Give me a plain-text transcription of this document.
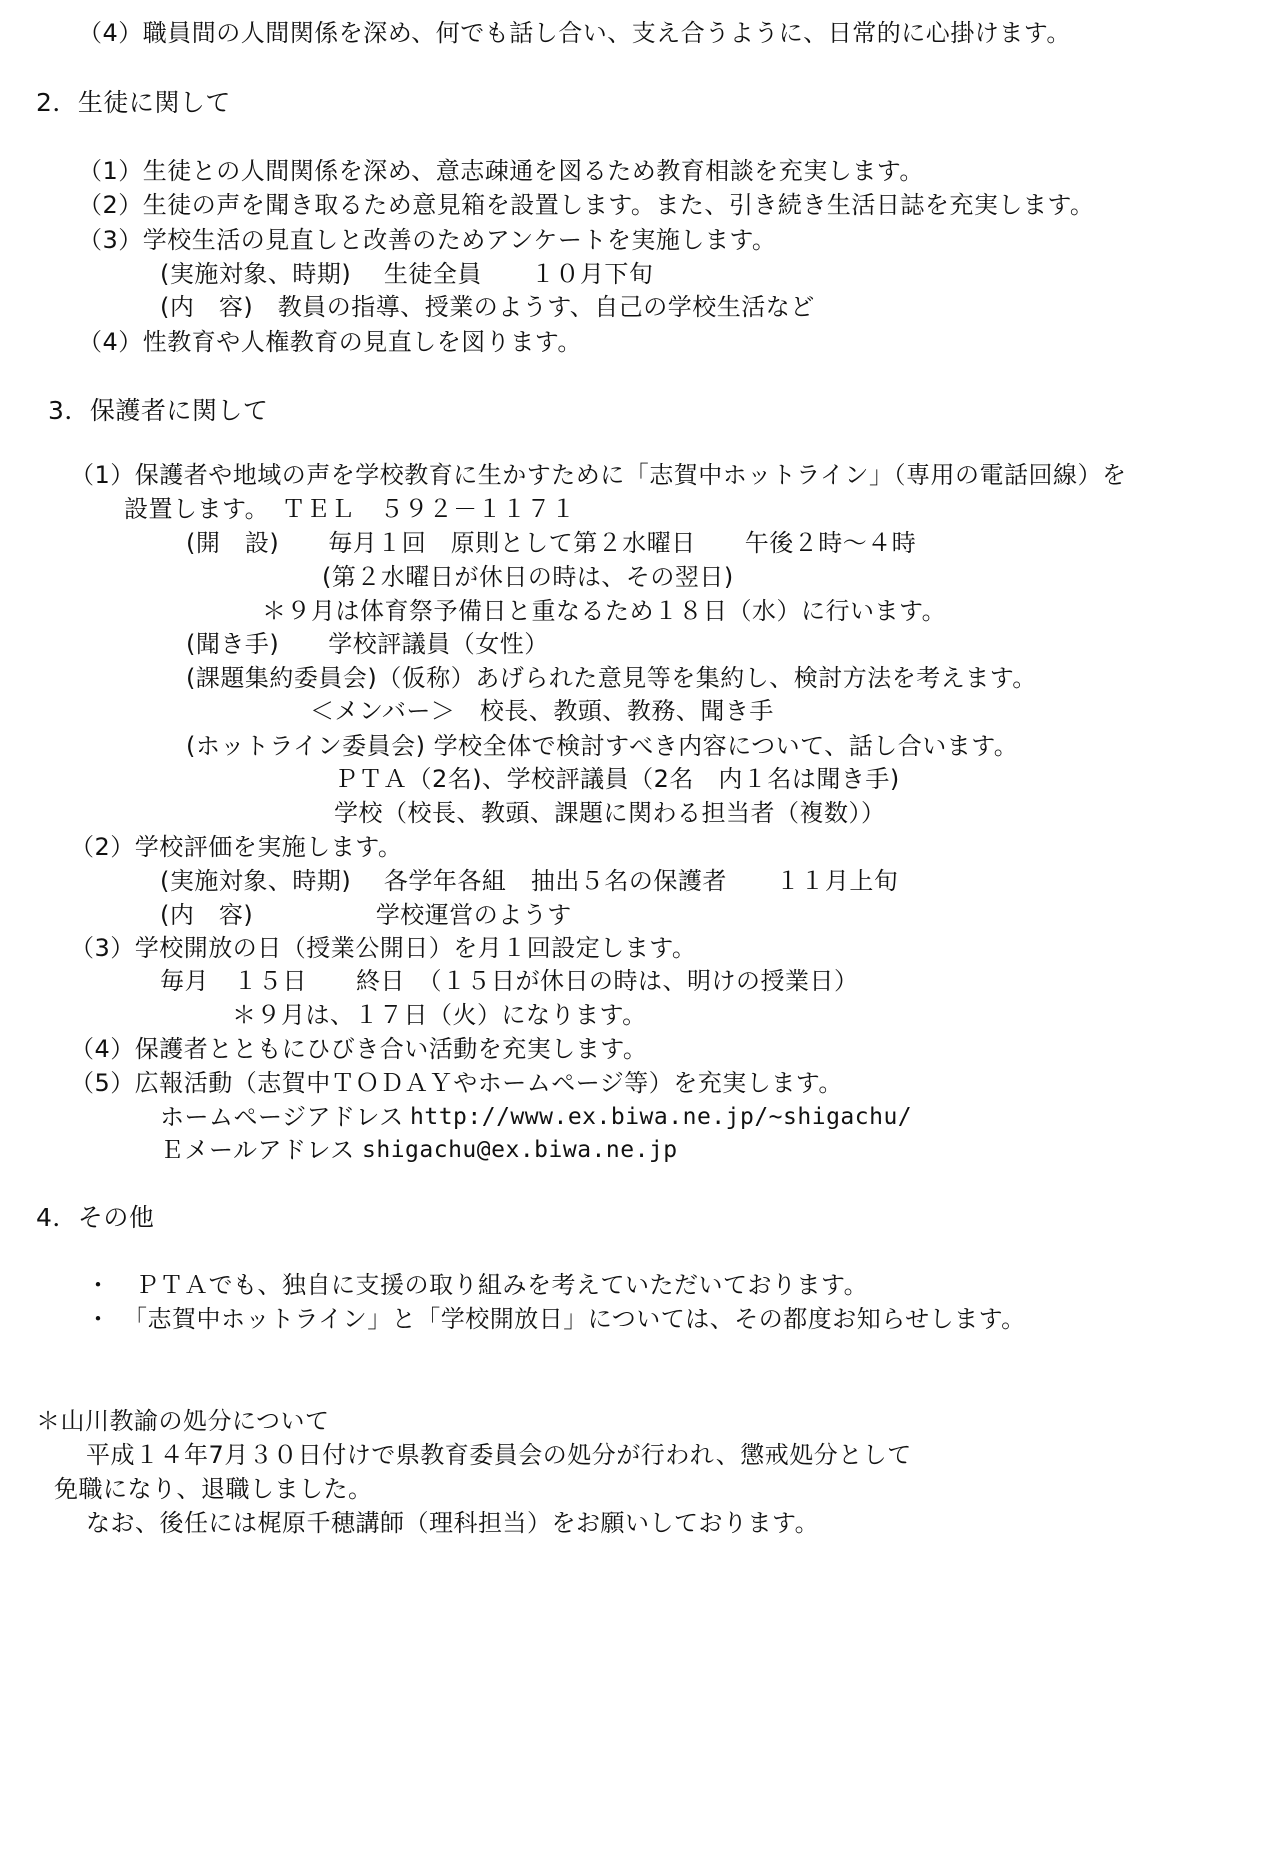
（4）職員間の人間関係を深め、何でも話し合い、支え合うように、日常的に心掛けます。
2．生徒に関して
（1）生徒との人間関係を深め、意志疎通を図るため教育相談を充実します。
（2）生徒の声を聞き取るため意見箱を設置します。また、引き続き生活日誌を充実します。
（3）学校生活の見直しと改善のためアンケートを実施します。
(実施対象、時期)　 生徒全員　　１０月下旬
(内　容)　教員の指導、授業のようす、自己の学校生活など
（4）性教育や人権教育の見直しを図ります。
3．保護者に関して
（1）保護者や地域の声を学校教育に生かすために「志賀中ホットライン」（専用の電話回線）を
設置します。　ＴＥＬ　５９２－１１７１
(開　設)　　毎月１回　原則として第２水曜日　　午後２時～４時
(第２水曜日が休日の時は、その翌日)
＊９月は体育祭予備日と重なるため１８日（水）に行います。
(聞き手)　　学校評議員（女性）
(課題集約委員会)（仮称）あげられた意見等を集約し、検討方法を考えます。
＜メンバー＞　校長、教頭、教務、聞き手
(ホットライン委員会) 学校全体で検討すべき内容について、話し合います。
ＰＴＡ（2名)、学校評議員（2名　内１名は聞き手)
学校（校長、教頭、課題に関わる担当者（複数））
（2）学校評価を実施します。
(実施対象、時期)　 各学年各組　抽出５名の保護者　　１１月上旬
(内　容)　　　　　学校運営のようす
（3）学校開放の日（授業公開日）を月１回設定します。
毎月　１５日　　終日　（１５日が休日の時は、明けの授業日）
＊９月は、１７日（火）になります。
（4）保護者とともにひびき合い活動を充実します。
（5）広報活動（志賀中ＴＯＤＡＹやホームページ等）を充実します。
ホームページアドレス http://www.ex.biwa.ne.jp/~shigachu/
Ｅメールアドレス shigachu@ex.biwa.ne.jp
4．その他
・　ＰＴＡでも、独自に支援の取り組みを考えていただいております。
・　「志賀中ホットライン」と「学校開放日」については、その都度お知らせします。
＊山川教諭の処分について
平成１４年7月３０日付けで県教育委員会の処分が行われ、懲戒処分として
免職になり、退職しました。
なお、後任には梶原千穂講師（理科担当）をお願いしております。
